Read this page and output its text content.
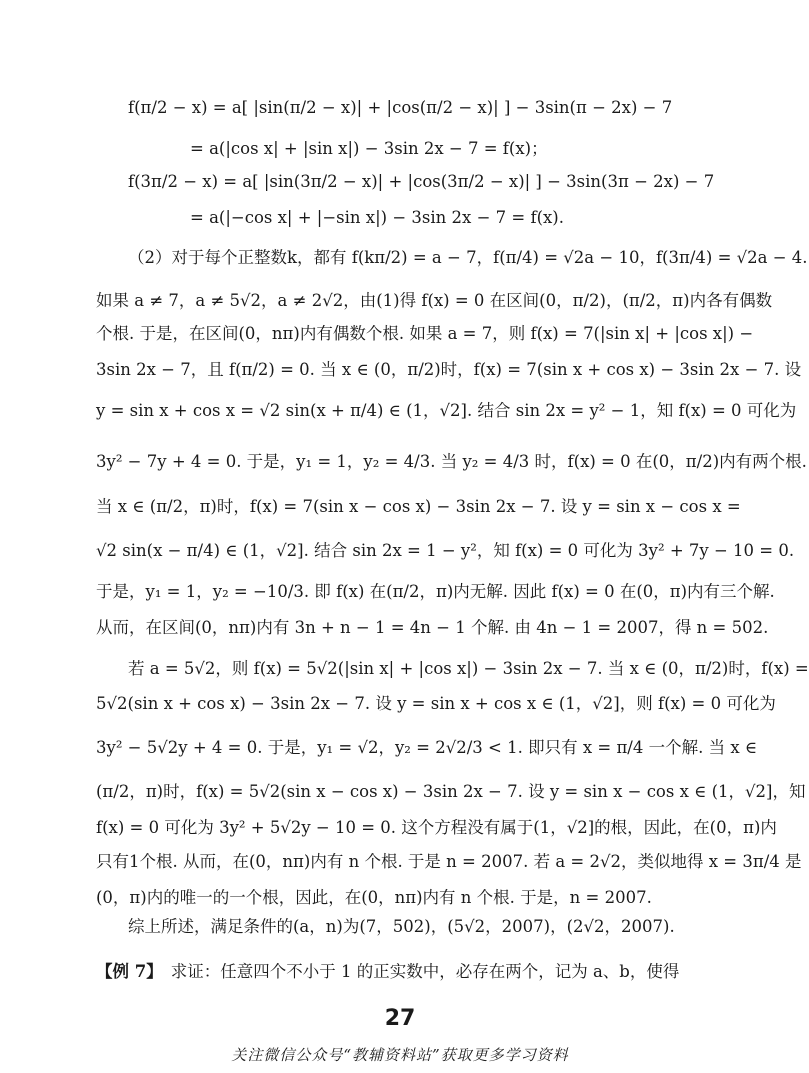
f(π/2 − x) = a[ |sin(π/2 − x)| + |cos(π/2 − x)| ] − 3sin(π − 2x) − 7
= a(|cos x| + |sin x|) − 3sin 2x − 7 = f(x)；
f(3π/2 − x) = a[ |sin(3π/2 − x)| + |cos(3π/2 − x)| ] − 3sin(3π − 2x) − 7
= a(|−cos x| + |−sin x|) − 3sin 2x − 7 = f(x).
（2）对于每个正整数k，都有 f(kπ/2) = a − 7，f(π/4) = √2a − 10，f(3π/4) = √2a − 4.
如果 a ≠ 7，a ≠ 5√2，a ≠ 2√2，由(1)得 f(x) = 0 在区间(0，π/2)，(π/2，π)内各有偶数
个根. 于是，在区间(0，nπ)内有偶数个根. 如果 a = 7，则 f(x) = 7(|sin x| + |cos x|) −
3sin 2x − 7，且 f(π/2) = 0. 当 x ∈ (0，π/2)时，f(x) = 7(sin x + cos x) − 3sin 2x − 7. 设
y = sin x + cos x = √2 sin(x + π/4) ∈ (1，√2]. 结合 sin 2x = y² − 1，知 f(x) = 0 可化为
3y² − 7y + 4 = 0. 于是，y₁ = 1，y₂ = 4/3. 当 y₂ = 4/3 时，f(x) = 0 在(0，π/2)内有两个根.
当 x ∈ (π/2，π)时，f(x) = 7(sin x − cos x) − 3sin 2x − 7. 设 y = sin x − cos x =
√2 sin(x − π/4) ∈ (1，√2]. 结合 sin 2x = 1 − y²，知 f(x) = 0 可化为 3y² + 7y − 10 = 0.
于是，y₁ = 1，y₂ = −10/3. 即 f(x) 在(π/2，π)内无解. 因此 f(x) = 0 在(0，π)内有三个解.
从而，在区间(0，nπ)内有 3n + n − 1 = 4n − 1 个解. 由 4n − 1 = 2007，得 n = 502.
若 a = 5√2，则 f(x) = 5√2(|sin x| + |cos x|) − 3sin 2x − 7. 当 x ∈ (0，π/2)时，f(x) =
5√2(sin x + cos x) − 3sin 2x − 7. 设 y = sin x + cos x ∈ (1，√2]，则 f(x) = 0 可化为
3y² − 5√2y + 4 = 0. 于是，y₁ = √2，y₂ = 2√2/3 < 1. 即只有 x = π/4 一个解. 当 x ∈
(π/2，π)时，f(x) = 5√2(sin x − cos x) − 3sin 2x − 7. 设 y = sin x − cos x ∈ (1，√2]，知
f(x) = 0 可化为 3y² + 5√2y − 10 = 0. 这个方程没有属于(1，√2]的根，因此，在(0，π)内
只有1个根. 从而，在(0，nπ)内有 n 个根. 于是 n = 2007. 若 a = 2√2，类似地得 x = 3π/4 是
(0，π)内的唯一的一个根，因此，在(0，nπ)内有 n 个根. 于是，n = 2007.
综上所述，满足条件的(a，n)为(7，502)，(5√2，2007)，(2√2，2007).
【例 7】 求证：任意四个不小于 1 的正实数中，必存在两个，记为 a、b，使得
27
关注微信公众号“教辅资料站”获取更多学习资料
